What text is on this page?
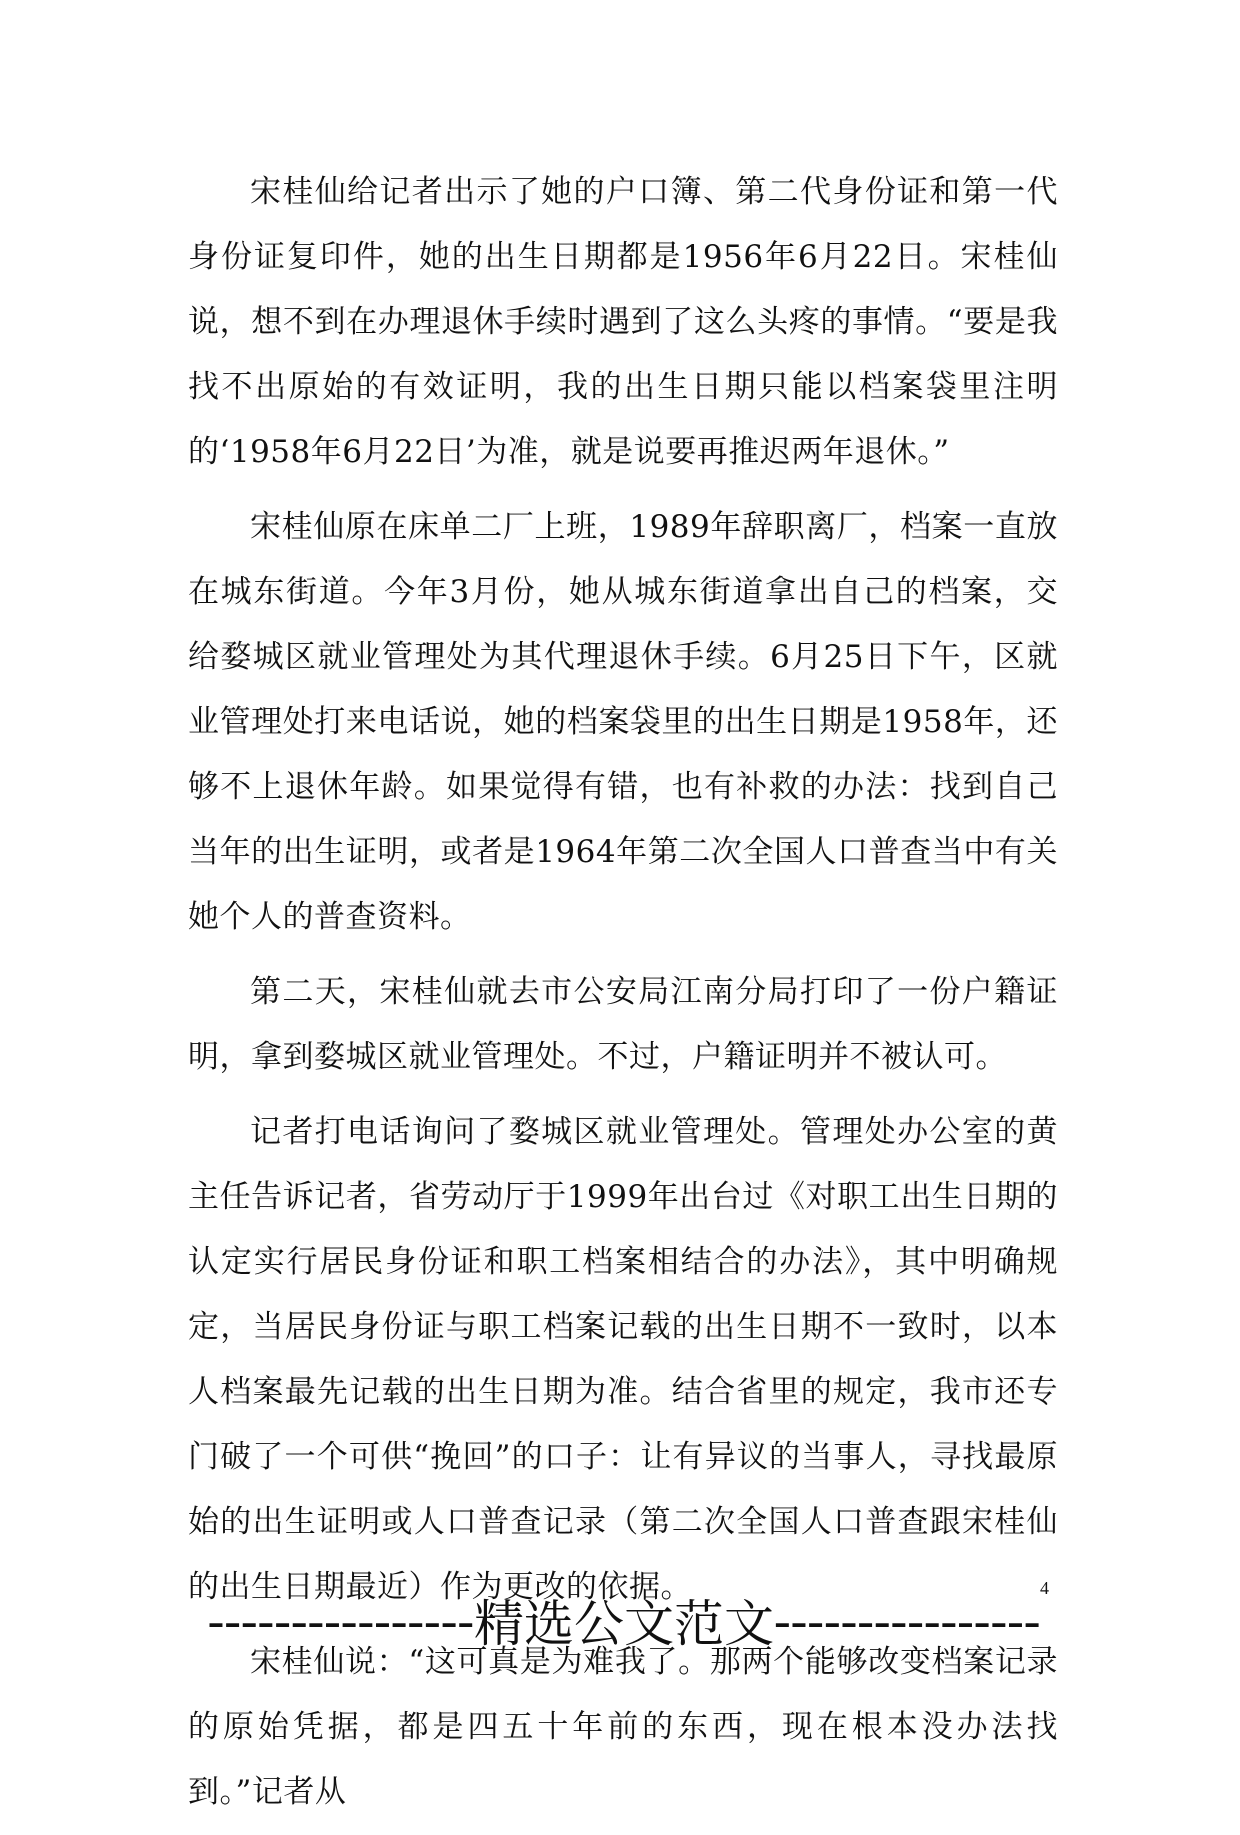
宋桂仙给记者出示了她的户口簿、第二代身份证和第一代身份证复印件，她的出生日期都是1956年6月22日。宋桂仙说，想不到在办理退休手续时遇到了这么头疼的事情。“要是我找不出原始的有效证明，我的出生日期只能以档案袋里注明的‘1958年6月22日’为准，就是说要再推迟两年退休。”

宋桂仙原在床单二厂上班，1989年辞职离厂，档案一直放在城东街道。今年3月份，她从城东街道拿出自己的档案，交给婺城区就业管理处为其代理退休手续。6月25日下午，区就业管理处打来电话说，她的档案袋里的出生日期是1958年，还够不上退休年龄。如果觉得有错，也有补救的办法：找到自己当年的出生证明，或者是1964年第二次全国人口普查当中有关她个人的普查资料。

第二天，宋桂仙就去市公安局江南分局打印了一份户籍证明，拿到婺城区就业管理处。不过，户籍证明并不被认可。

记者打电话询问了婺城区就业管理处。管理处办公室的黄主任告诉记者，省劳动厅于1999年出台过《对职工出生日期的认定实行居民身份证和职工档案相结合的办法》，其中明确规定，当居民身份证与职工档案记载的出生日期不一致时，以本人档案最先记载的出生日期为准。结合省里的规定，我市还专门破了一个可供“挽回”的口子：让有异议的当事人，寻找最原始的出生证明或人口普查记录（第二次全国人口普查跟宋桂仙的出生日期最近）作为更改的依据。

宋桂仙说：“这可真是为难我了。那两个能够改变档案记录的原始凭据，都是四五十年前的东西，现在根本没办法找到。”记者从

---------------- 精选公文范文 ----------------
4
